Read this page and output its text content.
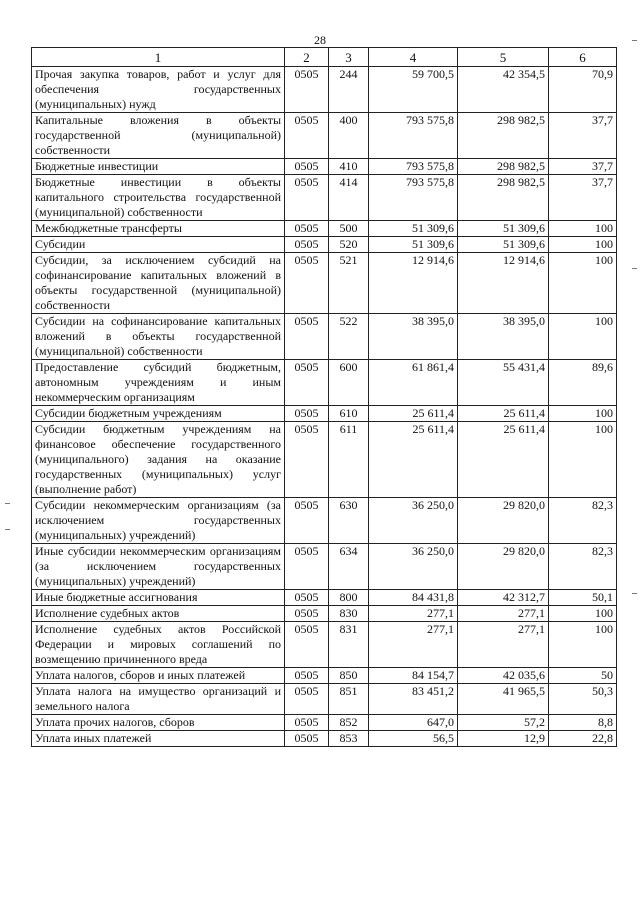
28
1	2	3	4	5	6
Прочая закупка товаров, работ и услуг для обеспечения государственных (муниципальных) нужд	0505	244	59 700,5	42 354,5	70,9
Капитальные вложения в объекты государственной (муниципальной) собственности	0505	400	793 575,8	298 982,5	37,7
Бюджетные инвестиции	0505	410	793 575,8	298 982,5	37,7
Бюджетные инвестиции в объекты капитального строительства государственной (муниципальной) собственности	0505	414	793 575,8	298 982,5	37,7
Межбюджетные трансферты	0505	500	51 309,6	51 309,6	100
Субсидии	0505	520	51 309,6	51 309,6	100
Субсидии, за исключением субсидий на софинансирование капитальных вложений в объекты государственной (муниципальной) собственности	0505	521	12 914,6	12 914,6	100
Субсидии на софинансирование капитальных вложений в объекты государственной (муниципальной) собственности	0505	522	38 395,0	38 395,0	100
Предоставление субсидий бюджетным, автономным учреждениям и иным некоммерческим организациям	0505	600	61 861,4	55 431,4	89,6
Субсидии бюджетным учреждениям	0505	610	25 611,4	25 611,4	100
Субсидии бюджетным учреждениям на финансовое обеспечение государственного (муниципального) задания на оказание государственных (муниципальных) услуг (выполнение работ)	0505	611	25 611,4	25 611,4	100
Субсидии некоммерческим организациям (за исключением государственных (муниципальных) учреждений)	0505	630	36 250,0	29 820,0	82,3
Иные субсидии некоммерческим организациям (за исключением государственных (муниципальных) учреждений)	0505	634	36 250,0	29 820,0	82,3
Иные бюджетные ассигнования	0505	800	84 431,8	42 312,7	50,1
Исполнение судебных актов	0505	830	277,1	277,1	100
Исполнение судебных актов Российской Федерации и мировых соглашений по возмещению причиненного вреда	0505	831	277,1	277,1	100
Уплата налогов, сборов и иных платежей	0505	850	84 154,7	42 035,6	50
Уплата налога на имущество организаций и земельного налога	0505	851	83 451,2	41 965,5	50,3
Уплата прочих налогов, сборов	0505	852	647,0	57,2	8,8
Уплата иных платежей	0505	853	56,5	12,9	22,8
